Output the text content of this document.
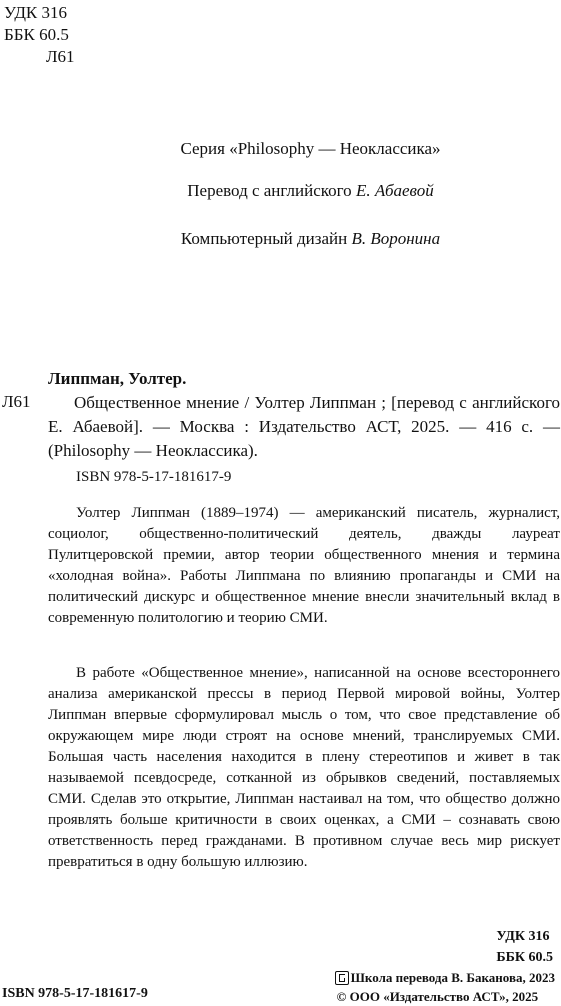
УДК 316
ББК 60.5
Л61
Серия «Philosophy — Неоклассика»
Перевод с английского Е. Абаевой
Компьютерный дизайн В. Воронина
Липпман, Уолтер.
Л61	Общественное мнение / Уолтер Липпман ; [перевод с английского Е. Абаевой]. — Москва : Издательство АСТ, 2025. — 416 с. — (Philosophy — Неоклассика).
ISBN 978-5-17-181617-9
Уолтер Липпман (1889–1974) — американский писатель, журналист, социолог, общественно-политический деятель, дважды лауреат Пулитцеровской премии, автор теории общественного мнения и термина «холодная война». Работы Липпмана по влиянию пропаганды и СМИ на политический дискурс и общественное мнение внесли значительный вклад в современную политологию и теорию СМИ.
В работе «Общественное мнение», написанной на основе всестороннего анализа американской прессы в период Первой мировой войны, Уолтер Липпман впервые сформулировал мысль о том, что свое представление об окружающем мире люди строят на основе мнений, транслируемых СМИ. Большая часть населения находится в плену стереотипов и живет в так называемой псевдосреде, сотканной из обрывков сведений, поставляемых СМИ. Сделав это открытие, Липпман настаивал на том, что общество должно проявлять больше критичности в своих оценках, а СМИ – сознавать свою ответственность перед гражданами. В противном случае весь мир рискует превратиться в одну большую иллюзию.
УДК 316
ББК 60.5
ISBN 978-5-17-181617-9
Школа перевода В. Баканова, 2023
© ООО «Издательство АСТ», 2025
